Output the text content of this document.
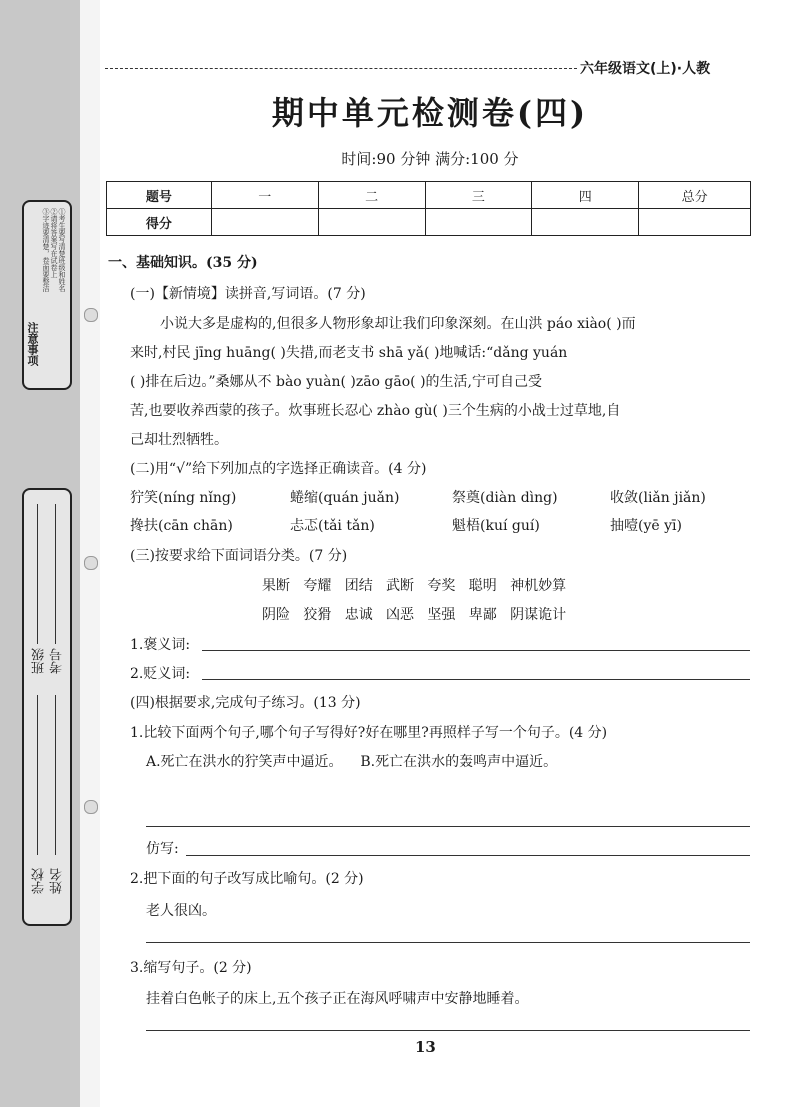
注意事项
①考生要写清楚班级和姓名
②请将答案写在试卷上
③字迹要清楚，卷面要整洁
班级 考号
学校 姓名
六年级语文(上)·人教
期中单元检测卷(四)
时间:90 分钟 满分:100 分
题号	一	二	三	四	总分
得分					
一、基础知识。(35 分)
(一)【新情境】读拼音,写词语。(7 分)
小说大多是虚构的,但很多人物形象却让我们印象深刻。在山洪 páo xiào( )而
来时,村民 jīng huāng( )失措,而老支书 shā yǎ( )地喊话:“dǎng yuán
( )排在后边。”桑娜从不 bào yuàn( )zāo gāo( )的生活,宁可自己受
苦,也要收养西蒙的孩子。炊事班长忍心 zhào gù( )三个生病的小战士过草地,自
己却壮烈牺牲。
(二)用“√”给下列加点的字选择正确读音。(4 分)
狞笑(níng nǐng)	蜷缩(quán juǎn)	祭奠(diàn dìng)	收敛(liǎn jiǎn)
搀扶(cān chān)	忐忑(tǎi tǎn)	魁梧(kuí guí)	抽噎(yē yī)
(三)按要求给下面词语分类。(7 分)
果断   夸耀   团结   武断   夸奖   聪明   神机妙算
阴险   狡猾   忠诚   凶恶   坚强   卑鄙   阴谋诡计
1.褒义词:
2.贬义词:
(四)根据要求,完成句子练习。(13 分)
1.比较下面两个句子,哪个句子写得好?好在哪里?再照样子写一个句子。(4 分)
A.死亡在洪水的狞笑声中逼近。    B.死亡在洪水的轰鸣声中逼近。
仿写:
2.把下面的句子改写成比喻句。(2 分)
老人很凶。
3.缩写句子。(2 分)
挂着白色帐子的床上,五个孩子正在海风呼啸声中安静地睡着。
13
